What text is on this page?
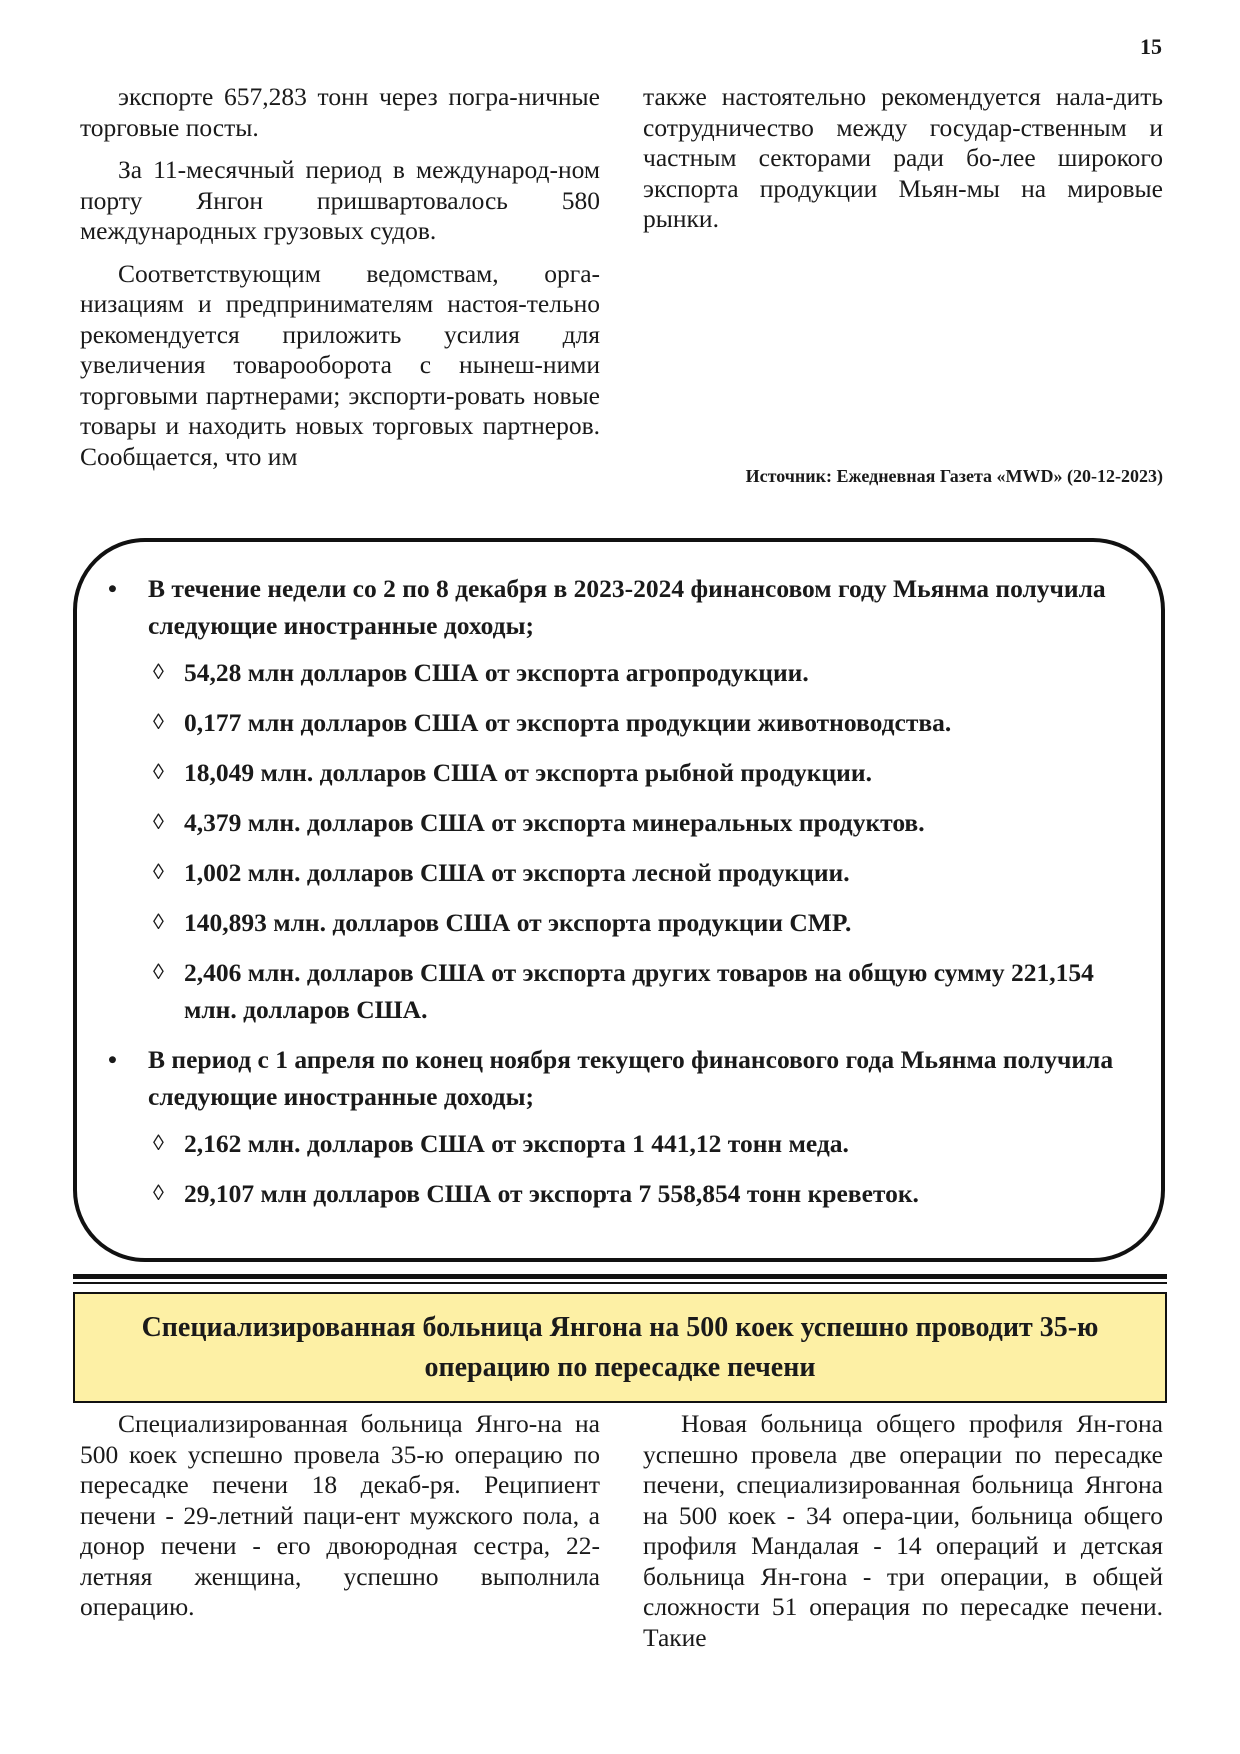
15

экспорте 657,283 тонн через погра-ничные торговые посты.

За 11-месячный период в международ-ном порту Янгон пришвартовалось 580 международных грузовых судов.

Соответствующим ведомствам, орга-низациям и предпринимателям настоя-тельно рекомендуется приложить усилия для увеличения товарооборота с нынеш-ними торговыми партнерами; экспорти-ровать новые товары и находить новых торговых партнеров. Сообщается, что им

также настоятельно рекомендуется нала-дить сотрудничество между государ-ственным и частным секторами ради бо-лее широкого экспорта продукции Мьян-мы на мировые рынки.

Источник: Ежедневная Газета «MWD» (20-12-2023)
• В течение недели со 2 по 8 декабря в 2023-2024 финансовом году Мьянма получила следующие иностранные доходы;
◊ 54,28 млн долларов США от экспорта агропродукции.
◊ 0,177 млн долларов США от экспорта продукции животноводства.
◊ 18,049 млн. долларов США от экспорта рыбной продукции.
◊ 4,379 млн. долларов США от экспорта минеральных продуктов.
◊ 1,002 млн. долларов США от экспорта лесной продукции.
◊ 140,893 млн. долларов США от экспорта продукции CMP.
◊ 2,406 млн. долларов США от экспорта других товаров на общую сумму 221,154 млн. долларов США.
• В период с 1 апреля по конец ноября текущего финансового года Мьянма получила следующие иностранные доходы;
◊ 2,162 млн. долларов США от экспорта 1 441,12 тонн меда.
◊ 29,107 млн долларов США от экспорта 7 558,854 тонн креветок.
Специализированная больница Янгона на 500 коек успешно проводит 35-ю операцию по пересадке печени

Специализированная больница Янго-на на 500 коек успешно провела 35-ю операцию по пересадке печени 18 декаб-ря. Реципиент печени - 29-летний паци-ент мужского пола, а донор печени - его двоюродная сестра, 22-летняя женщина, успешно выполнила операцию.

Новая больница общего профиля Ян-гона успешно провела две операции по пересадке печени, специализированная больница Янгона на 500 коек - 34 опера-ции, больница общего профиля Мандалая - 14 операций и детская больница Ян-гона - три операции, в общей сложности 51 операция по пересадке печени. Такие
